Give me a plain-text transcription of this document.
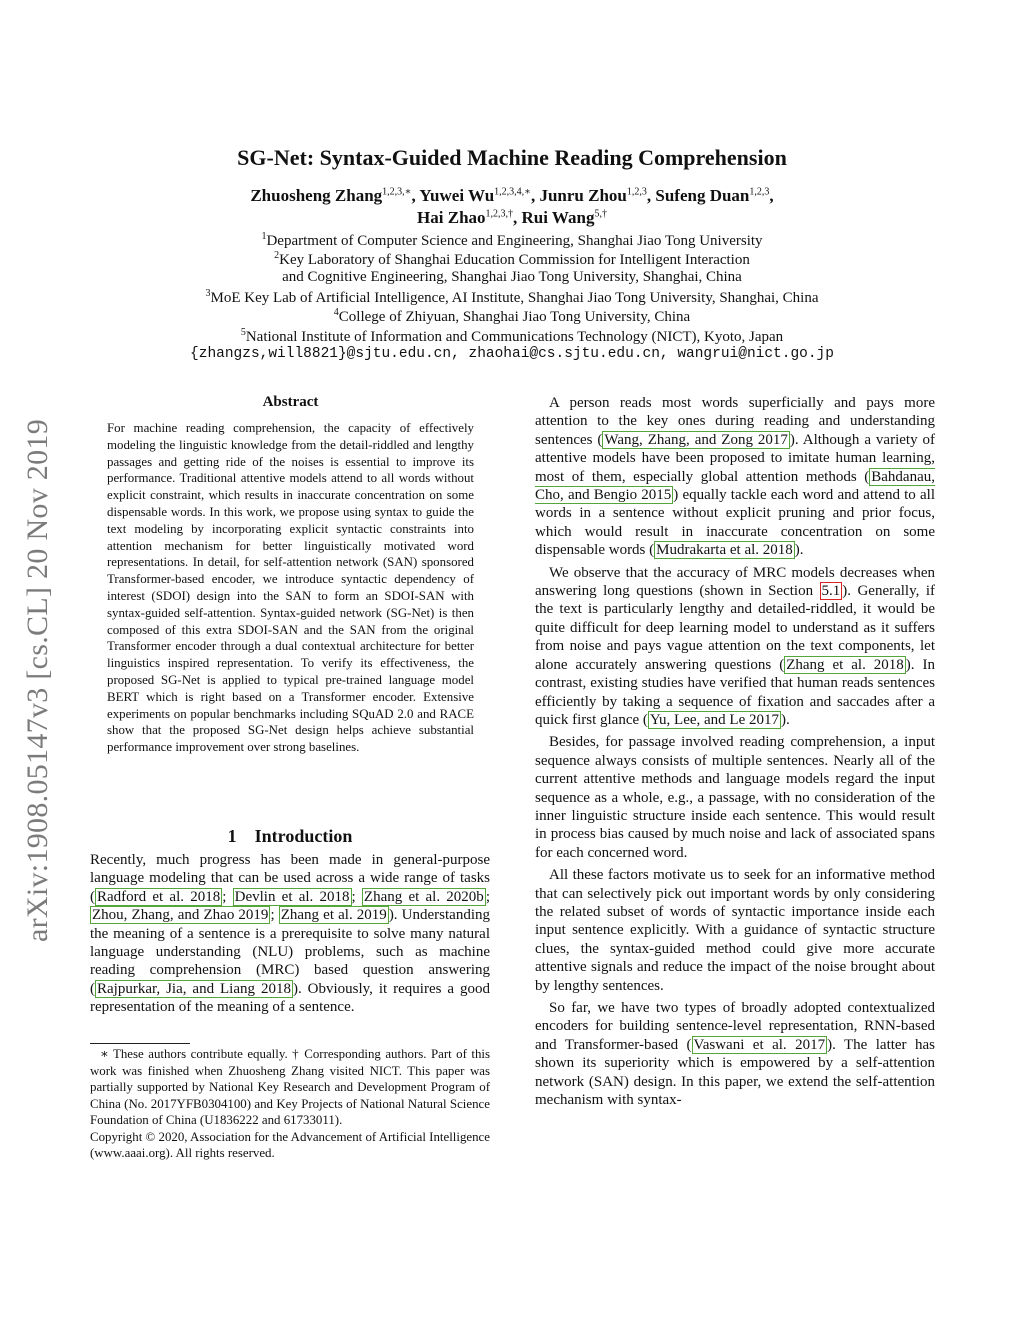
arXiv:1908.05147v3 [cs.CL] 20 Nov 2019
SG-Net: Syntax-Guided Machine Reading Comprehension
Zhuosheng Zhang$^{1,2,3,∗}$, Yuwei $Wu^{1,2,3,4,∗}$, Junru Zhou$^{1,2,3}$, Sufeng Duan$^{1,2,3}$,
Hai Zhao$^{1,2,3,\dagger}$, Rui Wang$^{5,\dagger}$
$^1$Department of Computer Science and Engineering, Shanghai Jiao Tong University
$^2$Key Laboratory of Shanghai Education Commission for Intelligent Interaction
and Cognitive Engineering, Shanghai Jiao Tong University, Shanghai, China
$^3$MoE Key Lab of Artificial Intelligence, AI Institute, Shanghai Jiao Tong University, Shanghai, China
$^4$College of Zhiyuan, Shanghai Jiao Tong University, China
$^5$National Institute of Information and Communications Technology (NICT), Kyoto, Japan
{zhangzs,will8821}@sjtu.edu.cn, zhaohai@cs.sjtu.edu.cn, wangrui@nict.go.jp
Abstract
For machine reading comprehension, the capacity of effectively modeling the linguistic knowledge from the detail-riddled and lengthy passages and getting ride of the noises is essential to improve its performance. Traditional attentive models attend to all words without explicit constraint, which results in inaccurate concentration on some dispensable words. In this work, we propose using syntax to guide the text modeling by incorporating explicit syntactic constraints into attention mechanism for better linguistically motivated word representations. In detail, for self-attention network (SAN) sponsored Transformer-based encoder, we introduce syntactic dependency of interest (SDOI) design into the SAN to form an SDOI-SAN with syntax-guided self-attention. Syntax-guided network (SG-Net) is then composed of this extra SDOI-SAN and the SAN from the original Transformer encoder through a dual contextual architecture for better linguistics inspired representation. To verify its effectiveness, the proposed SG-Net is applied to typical pre-trained language model BERT which is right based on a Transformer encoder. Extensive experiments on popular benchmarks including SQuAD 2.0 and RACE show that the proposed SG-Net design helps achieve substantial performance improvement over strong baselines.
1 Introduction
Recently, much progress has been made in general-purpose language modeling that can be used across a wide range of tasks ( Radford et al. 2018 ; Devlin et al. 2018 ; Zhang et al. 2020b ; Zhou, Zhang, and Zhao 2019 ; Zhang et al. 2019 ). Understanding the meaning of a sentence is a prerequisite to solve many natural language understanding (NLU) problems, such as machine reading comprehension (MRC) based question answering ( Rajpurkar, Jia, and Liang 2018 ). Obviously, it requires a good representation of the meaning of a sentence.

∗ These authors contribute equally. † Corresponding authors. Part of this work was finished when Zhuosheng Zhang visited NICT. This paper was partially supported by National Key Research and Development Program of China (No. 2017YFB0304100) and Key Projects of National Natural Science Foundation of China (U1836222 and 61733011).

Copyright © 2020, Association for the Advancement of Artificial Intelligence (www.aaai.org). All rights reserved.

A person reads most words superficially and pays more attention to the key ones during reading and understanding sentences ( Wang, Zhang, and Zong 2017 ). Although a variety of attentive models have been proposed to imitate human learning, most of them, especially global attention methods ( Bahdanau, Cho, and Bengio 2015 ) equally tackle each word and attend to all words in a sentence without explicit pruning and prior focus, which would result in inaccurate concentration on some dispensable words ( Mudrakarta et al. 2018 ).

We observe that the accuracy of MRC models decreases when answering long questions (shown in Section 5.1 ). Generally, if the text is particularly lengthy and detailed-riddled, it would be quite difficult for deep learning model to understand as it suffers from noise and pays vague attention on the text components, let alone accurately answering questions ( Zhang et al. 2018 ). In contrast, existing studies have verified that human reads sentences efficiently by taking a sequence of fixation and saccades after a quick first glance ( Yu, Lee, and Le 2017 ).

Besides, for passage involved reading comprehension, a input sequence always consists of multiple sentences. Nearly all of the current attentive methods and language models regard the input sequence as a whole, e.g., a passage, with no consideration of the inner linguistic structure inside each sentence. This would result in process bias caused by much noise and lack of associated spans for each concerned word.

All these factors motivate us to seek for an informative method that can selectively pick out important words by only considering the related subset of words of syntactic importance inside each input sentence explicitly. With a guidance of syntactic structure clues, the syntax-guided method could give more accurate attentive signals and reduce the impact of the noise brought about by lengthy sentences.

So far, we have two types of broadly adopted contextualized encoders for building sentence-level representation, RNN-based and Transformer-based ( Vaswani et al. 2017 ). The latter has shown its superiority which is empowered by a self-attention network (SAN) design. In this paper, we extend the self-attention mechanism with syntax-
